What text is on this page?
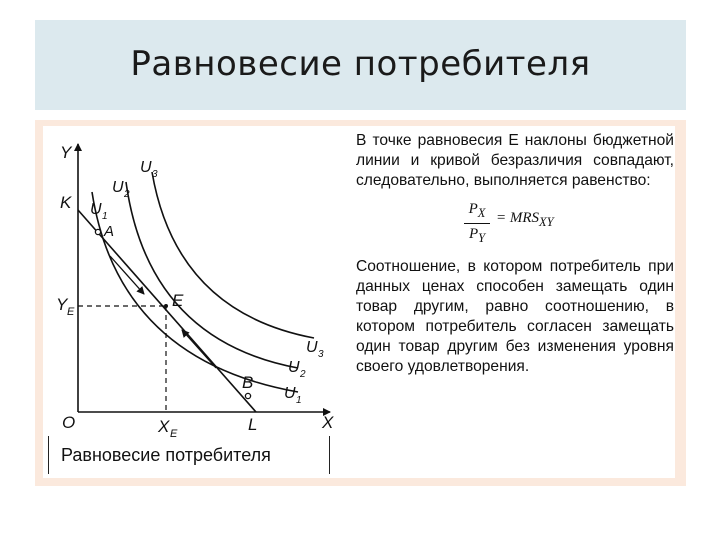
Равновесие потребителя
Y
X
O
K
Y E
X E	L
A
B
E
U 1
U 2
U 3
U 3
U 2
U 1
Равновесие потребителя

В точке равновесия Е наклоны бюджетной линии и кривой безразличия совпадают, следовательно, выполняется равенство:

$\frac{P_X}{P_Y} = MRS_{XY}$

Соотношение, в котором потребитель при данных ценах способен замещать один товар другим, равно соотношению, в котором потребитель согласен замещать один товар другим без изменения уровня своего удовлетворения.
